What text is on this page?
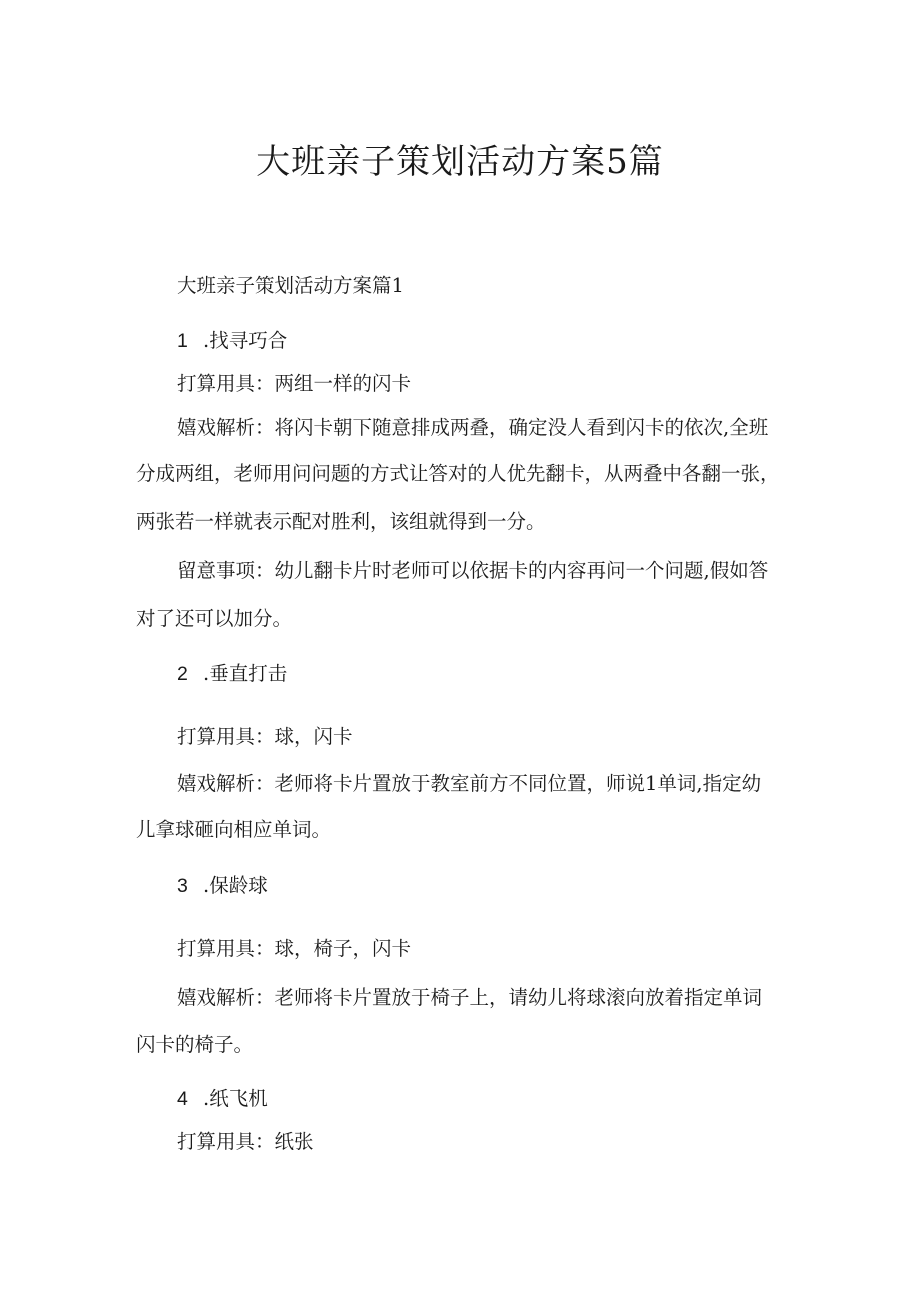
大班亲子策划活动方案5篇

大班亲子策划活动方案篇1

1 .找寻巧合

打算用具：两组一样的闪卡

嬉戏解析：将闪卡朝下随意排成两叠，确定没人看到闪卡的依次,全班

分成两组，老师用问问题的方式让答对的人优先翻卡，从两叠中各翻一张，

两张若一样就表示配对胜利，该组就得到一分。

留意事项：幼儿翻卡片时老师可以依据卡的内容再问一个问题,假如答

对了还可以加分。

2 .垂直打击

打算用具：球，闪卡

嬉戏解析：老师将卡片置放于教室前方不同位置，师说1单词,指定幼

儿拿球砸向相应单词。

3 .保龄球

打算用具：球，椅子，闪卡

嬉戏解析：老师将卡片置放于椅子上，请幼儿将球滚向放着指定单词

闪卡的椅子。

4 .纸飞机

打算用具：纸张
